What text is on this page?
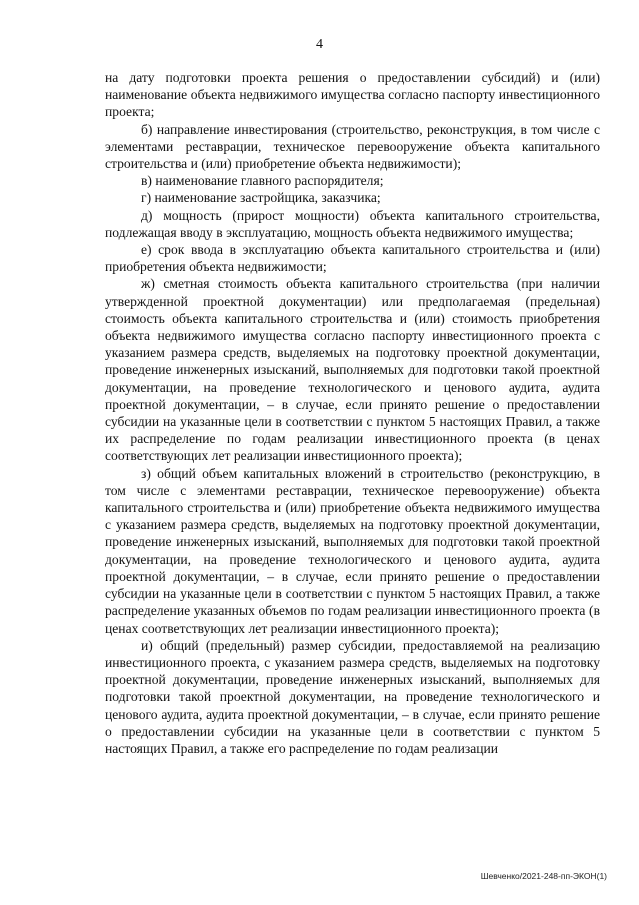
4

на дату подготовки проекта решения о предоставлении субсидий) и (или) наименование объекта недвижимого имущества согласно паспорту инвестиционного проекта;

б) направление инвестирования (строительство, реконструкция, в том числе с элементами реставрации, техническое перевооружение объекта капитального строительства и (или) приобретение объекта недвижимости);

в) наименование главного распорядителя;

г) наименование застройщика, заказчика;

д) мощность (прирост мощности) объекта капитального строительства, подлежащая вводу в эксплуатацию, мощность объекта недвижимого имущества;

е) срок ввода в эксплуатацию объекта капитального строительства и (или) приобретения объекта недвижимости;

ж) сметная стоимость объекта капитального строительства (при наличии утвержденной проектной документации) или предполагаемая (предельная) стоимость объекта капитального строительства и (или) стоимость приобретения объекта недвижимого имущества согласно паспорту инвестиционного проекта с указанием размера средств, выделяемых на подготовку проектной документации, проведение инженерных изысканий, выполняемых для подготовки такой проектной документации, на проведение технологического и ценового аудита, аудита проектной документации, – в случае, если принято решение о предоставлении субсидии на указанные цели в соответствии с пунктом 5 настоящих Правил, а также их распределение по годам реализации инвестиционного проекта (в ценах соответствующих лет реализации инвестиционного проекта);

з) общий объем капитальных вложений в строительство (реконструкцию, в том числе с элементами реставрации, техническое перевооружение) объекта капитального строительства и (или) приобретение объекта недвижимого имущества с указанием размера средств, выделяемых на подготовку проектной документации, проведение инженерных изысканий, выполняемых для подготовки такой проектной документации, на проведение технологического и ценового аудита, аудита проектной документации, – в случае, если принято решение о предоставлении субсидии на указанные цели в соответствии с пунктом 5 настоящих Правил, а также распределение указанных объемов по годам реализации инвестиционного проекта (в ценах соответствующих лет реализации инвестиционного проекта);

и) общий (предельный) размер субсидии, предоставляемой на реализацию инвестиционного проекта, с указанием размера средств, выделяемых на подготовку проектной документации, проведение инженерных изысканий, выполняемых для подготовки такой проектной документации, на проведение технологического и ценового аудита, аудита проектной документации, – в случае, если принято решение о предоставлении субсидии на указанные цели в соответствии с пунктом 5 настоящих Правил, а также его распределение по годам реализации

Шевченко/2021-248-пп-ЭКОН(1)
